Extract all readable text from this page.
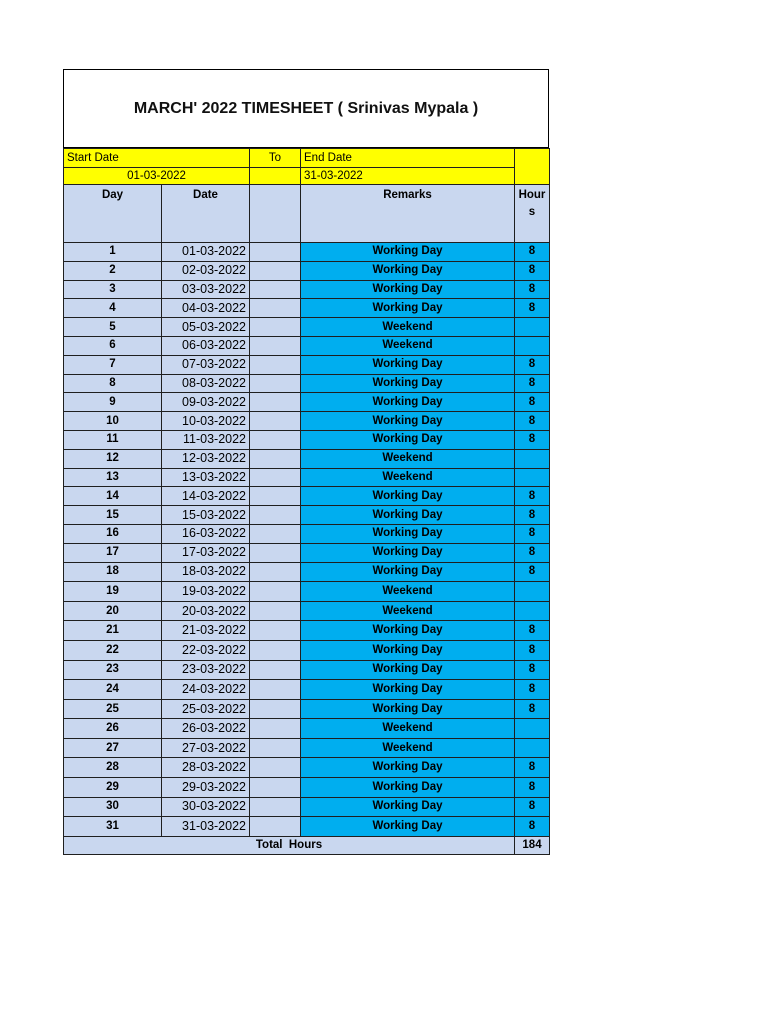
MARCH' 2022 TIMESHEET ( Srinivas Mypala )
Start Date		To	End Date	
01-03-2022			31-03-2022	
Day	Date		Remarks	Hour
s
1	01-03-2022		Working Day	8
2	02-03-2022		Working Day	8
3	03-03-2022		Working Day	8
4	04-03-2022		Working Day	8
5	05-03-2022		Weekend	
6	06-03-2022		Weekend	
7	07-03-2022		Working Day	8
8	08-03-2022		Working Day	8
9	09-03-2022		Working Day	8
10	10-03-2022		Working Day	8
11	11-03-2022		Working Day	8
12	12-03-2022		Weekend	
13	13-03-2022		Weekend	
14	14-03-2022		Working Day	8
15	15-03-2022		Working Day	8
16	16-03-2022		Working Day	8
17	17-03-2022		Working Day	8
18	18-03-2022		Working Day	8
19	19-03-2022		Weekend	
20	20-03-2022		Weekend	
21	21-03-2022		Working Day	8
22	22-03-2022		Working Day	8
23	23-03-2022		Working Day	8
24	24-03-2022		Working Day	8
25	25-03-2022		Working Day	8
26	26-03-2022		Weekend	
27	27-03-2022		Weekend	
28	28-03-2022		Working Day	8
29	29-03-2022		Working Day	8
30	30-03-2022		Working Day	8
31	31-03-2022		Working Day	8
Total  Hours				184
